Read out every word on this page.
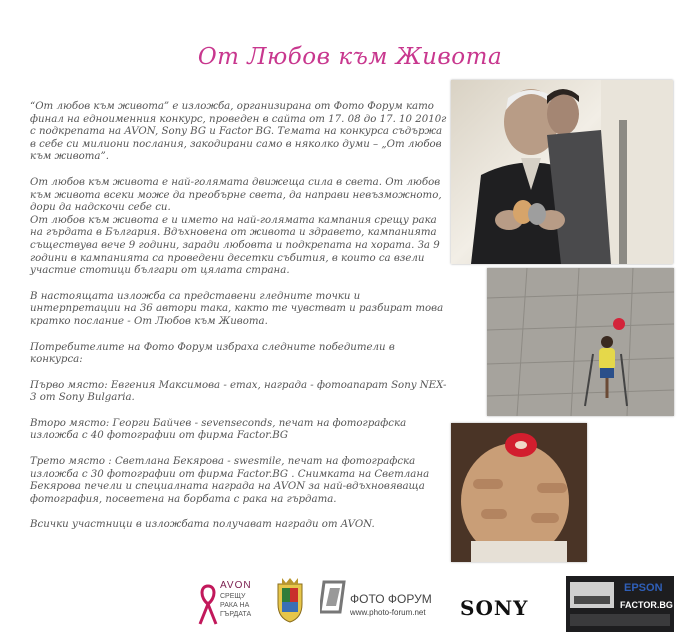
От Любов към Живота

“От любов към живота” е изложба, организирана от Фото Форум като финал на едноименния конкурс, проведен в сайта от 17. 08 до 17. 10 2010г с подкрепата на AVON, Sony BG и Factor BG. Темата на конкурса съдържа в себе си милиони послания, закодирани само в няколко думи – „От любов към живота”.

От любов към живота е най-голямата движеща сила в света. От любов към живота всеки може да преобърне света, да направи невъзможното, дори да надскочи себе си.

От любов към живота е и името на най-голямата кампания срещу рака на гърдата в България. Вдъхновена от живота и здравето, кампанията съществува вече 9 години, заради любовта и подкрепата на хората. За 9 години в кампанията са проведени десетки събития, в които са взели участие стотици българи от цялата страна.

В настоящата изложба са представени гледните точки и интерпретации на 36 автори така, както те чувстват и разбират това кратко послание - От Любов към Живота.

Потребителите на Фото Форум избраха следните победители в конкурса:

Първо място: Евгения Максимова - emax, награда - фотоапарат Sony NEX-3 от Sony Bulgaria.

Второ място: Георги Байчев - sevenseconds, печат на фотографска изложба с 40 фотографии от фирма Factor.BG

Трето място : Светлана Бекярова - swesmile, печат на фотографска изложба с 30 фотографии от фирма Factor.BG . Снимката на Светлана Бекярова печели и специалната награда на AVON за най-вдъхновяваща фотография, посветена на борбата с рака на гърдата.

Всички участници в изложбата получават награди от AVON.

AVON
СРЕЩУ
РАКА НА
ГЪРДАТА
ФОТО ФОРУМ
www.photo-forum.net SONY
EPSON
FACTOR.BG
